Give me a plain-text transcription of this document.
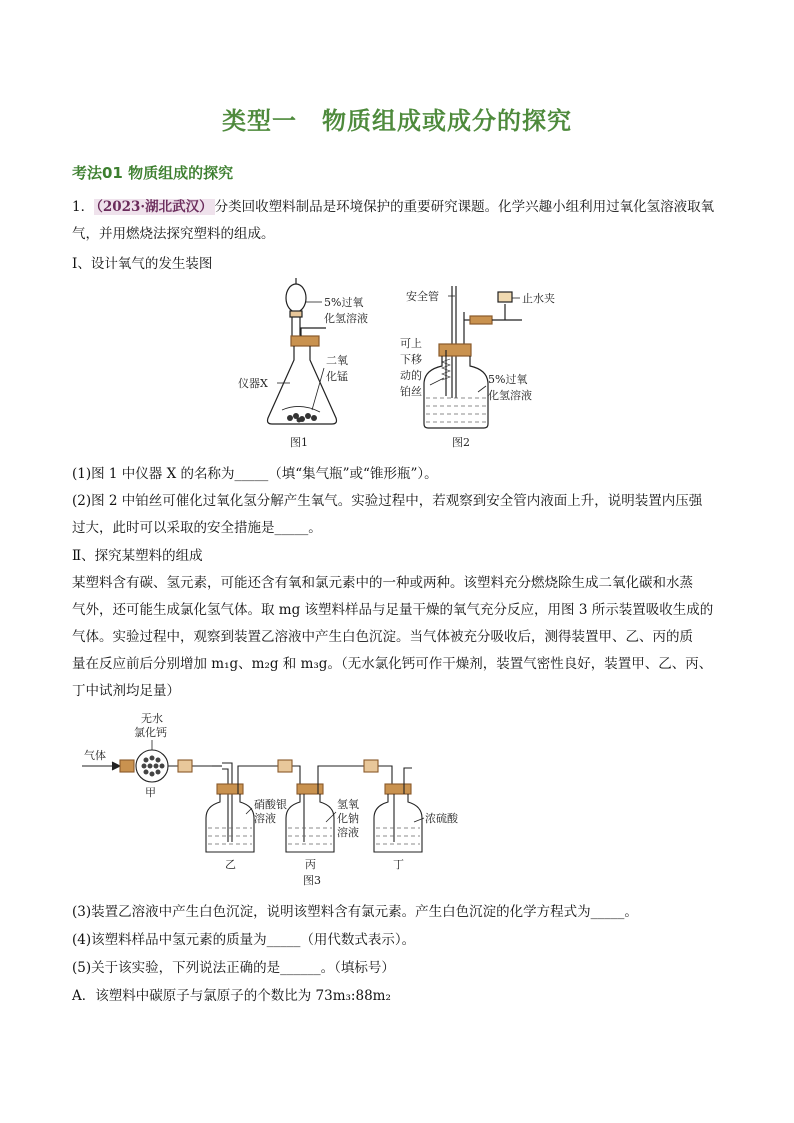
类型一　物质组成或成分的探究
考法01 物质组成的探究
1． （2023·湖北武汉） 分类回收塑料制品是环境保护的重要研究课题。化学兴趣小组利用过氧化氢溶液取氧
气，并用燃烧法探究塑料的组成。
Ⅰ、设计氧气的发生装图
5%过氧
化氢溶液
二氧
化锰
仪器X
图1
安全管	止水夹
可上
下移
动的
铂丝
5%过氧
化氢溶液
图2
(1)图 1 中仪器 X 的名称为_____（填“集气瓶”或“锥形瓶”）。
(2)图 2 中铂丝可催化过氧化氢分解产生氧气。实验过程中，若观察到安全管内液面上升，说明装置内压强
过大，此时可以采取的安全措施是_____。
Ⅱ、探究某塑料的组成
某塑料含有碳、氢元素，可能还含有氧和氯元素中的一种或两种。该塑料充分燃烧除生成二氧化碳和水蒸
气外，还可能生成氯化氢气体。取 mg 该塑料样品与足量干燥的氧气充分反应，用图 3 所示装置吸收生成的
气体。实验过程中，观察到装置乙溶液中产生白色沉淀。当气体被充分吸收后，测得装置甲、乙、丙的质
量在反应前后分别增加 m₁g、m₂g 和 m₃g。（无水氯化钙可作干燥剂，装置气密性良好，装置甲、乙、丙、
丁中试剂均足量）
气体
无水
氯化钙
甲
硝酸银
溶液
氢氧
化钠
溶液
浓硫酸
乙	丙	丁
图3
(3)装置乙溶液中产生白色沉淀，说明该塑料含有氯元素。产生白色沉淀的化学方程式为_____。
(4)该塑料样品中氢元素的质量为_____（用代数式表示）。
(5)关于该实验，下列说法正确的是______。（填标号）
A．该塑料中碳原子与氯原子的个数比为 73m₃:88m₂
